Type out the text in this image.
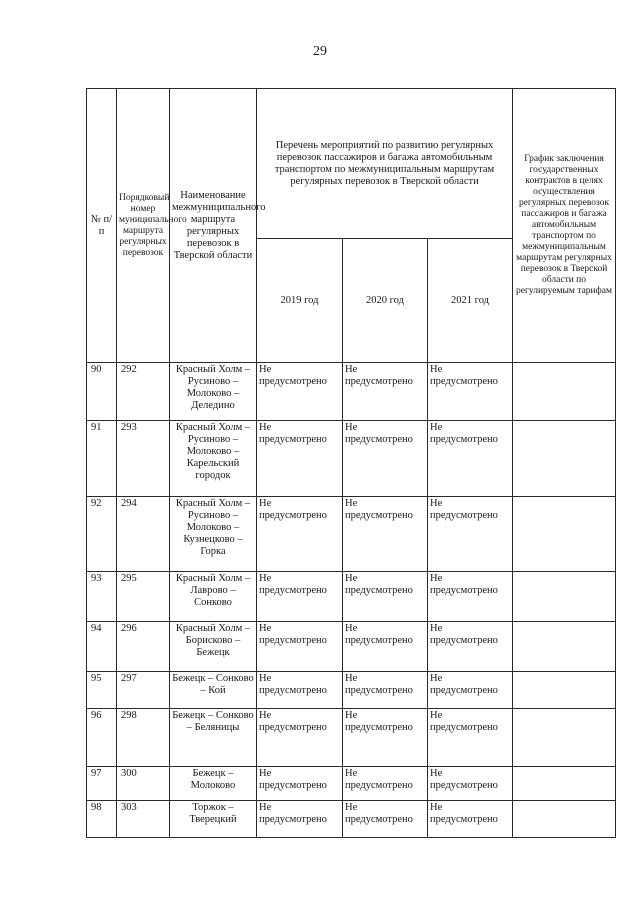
29
№ п/п	Порядковый номер муниципального маршрута регулярных перевозок	Наименование межмуниципального маршрута регулярных перевозок в Тверской области	Перечень мероприятий по развитию регулярных перевозок пассажиров и багажа автомобильным транспортом по межмуниципальным маршрутам регулярных перевозок в Тверской области			График заключения государственных контрактов в целях осуществления регулярных перевозок пассажиров и багажа автомобильным транспортом по межмуниципальным маршрутам регулярных перевозок в Тверской области по регулируемым тарифам
			2019 год	2020 год	2021 год	
90	292	Красный Холм – Русиново – Молоково – Деледино	Не предусмотрено	Не предусмотрено	Не предусмотрено	
91	293	Красный Холм – Русиново – Молоково – Карельский городок	Не предусмотрено	Не предусмотрено	Не предусмотрено	
92	294	Красный Холм – Русиново – Молоково – Кузнецково – Горка	Не предусмотрено	Не предусмотрено	Не предусмотрено	
93	295	Красный Холм – Лаврово – Сонково	Не предусмотрено	Не предусмотрено	Не предусмотрено	
94	296	Красный Холм – Борисково – Бежецк	Не предусмотрено	Не предусмотрено	Не предусмотрено	
95	297	Бежецк – Сонково – Кой	Не предусмотрено	Не предусмотрено	Не предусмотрено	
96	298	Бежецк – Сонково – Беляницы	Не предусмотрено	Не предусмотрено	Не предусмотрено	
97	300	Бежецк – Молоково	Не предусмотрено	Не предусмотрено	Не предусмотрено	
98	303	Торжок – Тверецкий	Не предусмотрено	Не предусмотрено	Не предусмотрено	
